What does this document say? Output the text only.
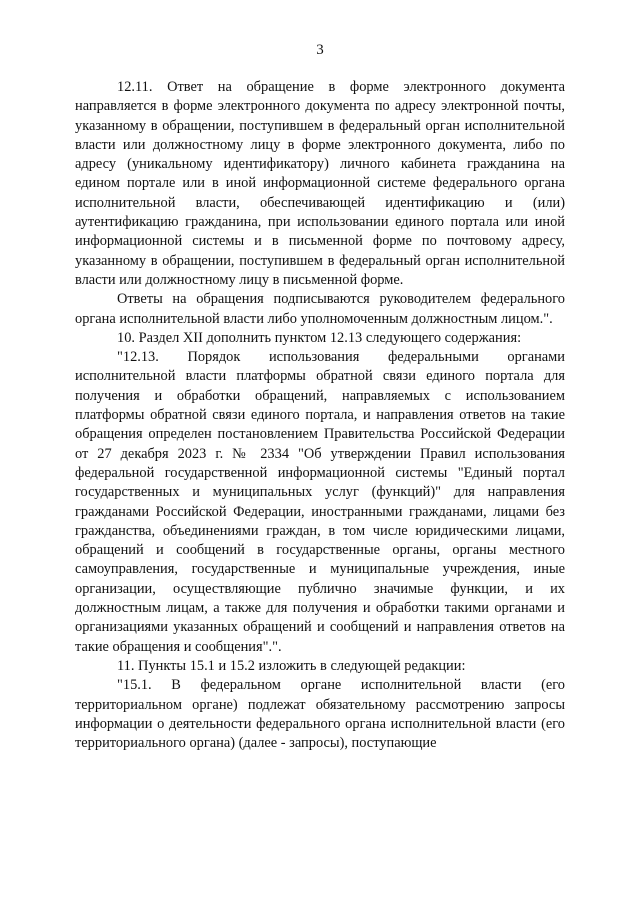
3

12.11. Ответ на обращение в форме электронного документа направляется в форме электронного документа по адресу электронной почты, указанному в обращении, поступившем в федеральный орган исполнительной власти или должностному лицу в форме электронного документа, либо по адресу (уникальному идентификатору) личного кабинета гражданина на едином портале или в иной информационной системе федерального органа исполнительной власти, обеспечивающей идентификацию и (или) аутентификацию гражданина, при использовании единого портала или иной информационной системы и в письменной форме по почтовому адресу, указанному в обращении, поступившем в федеральный орган исполнительной власти или должностному лицу в письменной форме.

Ответы на обращения подписываются руководителем федерального органа исполнительной власти либо уполномоченным должностным лицом.".

10. Раздел XII дополнить пунктом 12.13 следующего содержания:

"12.13. Порядок использования федеральными органами исполнительной власти платформы обратной связи единого портала для получения и обработки обращений, направляемых с использованием платформы обратной связи единого портала, и направления ответов на такие обращения определен постановлением Правительства Российской Федерации от 27 декабря 2023 г. № 2334 "Об утверждении Правил использования федеральной государственной информационной системы "Единый портал государственных и муниципальных услуг (функций)" для направления гражданами Российской Федерации, иностранными гражданами, лицами без гражданства, объединениями граждан, в том числе юридическими лицами, обращений и сообщений в государственные органы, органы местного самоуправления, государственные и муниципальные учреждения, иные организации, осуществляющие публично значимые функции, и их должностным лицам, а также для получения и обработки такими органами и организациями указанных обращений и сообщений и направления ответов на такие обращения и сообщения".".

11. Пункты 15.1 и 15.2 изложить в следующей редакции:

"15.1. В федеральном органе исполнительной власти (его территориальном органе) подлежат обязательному рассмотрению запросы информации о деятельности федерального органа исполнительной власти (его территориального органа) (далее - запросы), поступающие
